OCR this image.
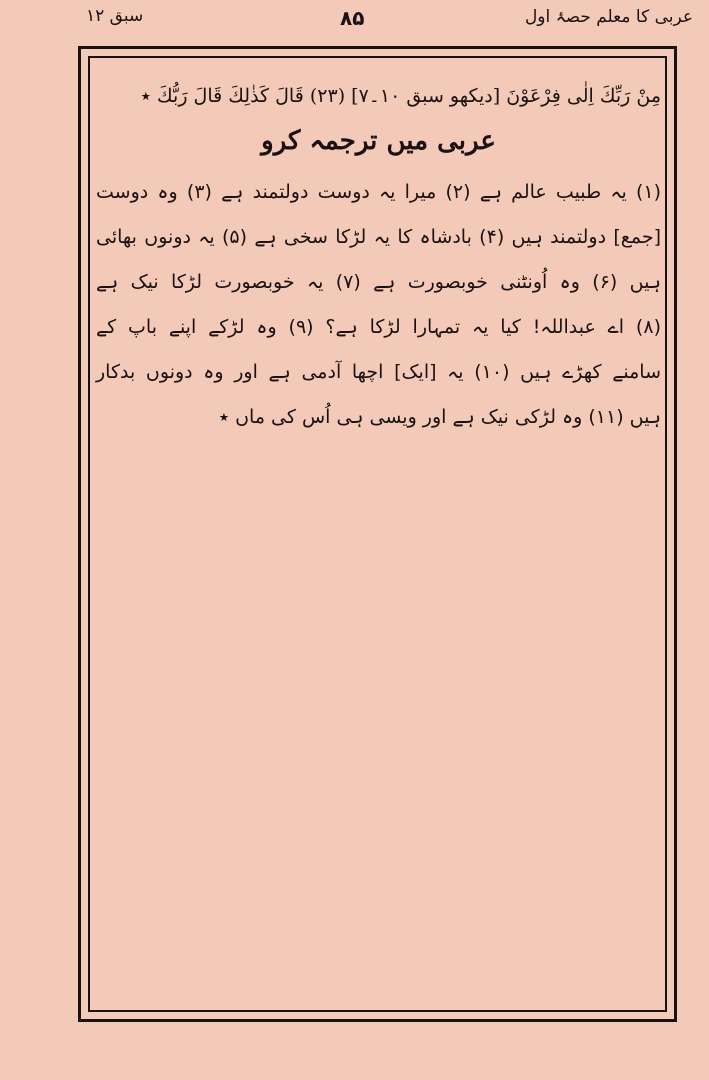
سبق ۱۲	۸۵	عربی کا معلم حصۂ اول
مِنْ رَبِّكَ اِلٰى فِرْعَوْنَ [دیکھو سبق ۱۰۔۷] (۲۳) قَالَ كَذٰلِكَ قَالَ رَبُّكَ ٭
عربی میں ترجمہ کرو
(۱) یہ طبیب عالم ہے (۲) میرا یہ دوست دولتمند ہے (۳) وہ دوست
[جمع] دولتمند ہیں (۴) بادشاہ کا یہ لڑکا سخی ہے (۵) یہ دونوں بھائی
ہیں (۶) وہ اُونٹنی خوبصورت ہے (۷) یہ خوبصورت لڑکا نیک ہے
(۸) اے عبداللہ! کیا یہ تمہارا لڑکا ہے؟ (۹) وہ لڑکے اپنے باپ کے
سامنے کھڑے ہیں (۱۰) یہ [ایک] اچھا آدمی ہے اور وہ دونوں بدکار
ہیں (۱۱) وہ لڑکی نیک ہے اور ویسی ہی اُس کی ماں ٭
